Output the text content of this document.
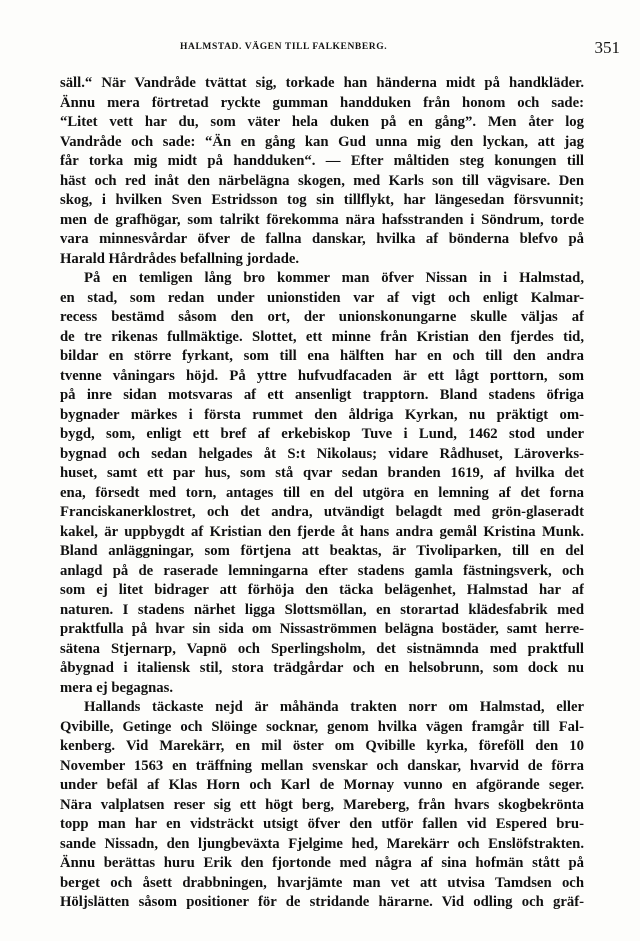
HALMSTAD. VÄGEN TILL FALKENBERG.	351
säll.“ När Vandråde tvättat sig, torkade han händerna midt på handkläder.
Ännu mera förtretad ryckte gumman handduken från honom och sade:
“Litet vett har du, som väter hela duken på en gång”. Men åter log
Vandråde och sade: “Än en gång kan Gud unna mig den lyckan, att jag
får torka mig midt på handduken“. — Efter måltiden steg konungen till
häst och red inåt den närbelägna skogen, med Karls son till vägvisare. Den
skog, i hvilken Sven Estridsson tog sin tillflykt, har längesedan försvunnit;
men de grafhögar, som talrikt förekomma nära hafsstranden i Söndrum, torde
vara minnesvårdar öfver de fallna danskar, hvilka af bönderna blefvo på
Harald Hårdrådes befallning jordade.
På en temligen lång bro kommer man öfver Nissan in i Halmstad,
en stad, som redan under unionstiden var af vigt och enligt Kalmar-
recess bestämd såsom den ort, der unionskonungarne skulle väljas af
de tre rikenas fullmäktige. Slottet, ett minne från Kristian den fjerdes tid,
bildar en större fyrkant, som till ena hälften har en och till den andra
tvenne våningars höjd. På yttre hufvudfacaden är ett lågt porttorn, som
på inre sidan motsvaras af ett ansenligt trapptorn. Bland stadens öfriga
bygnader märkes i första rummet den åldriga Kyrkan, nu präktigt om-
bygd, som, enligt ett bref af erkebiskop Tuve i Lund, 1462 stod under
bygnad och sedan helgades åt S:t Nikolaus; vidare Rådhuset, Läroverks-
huset, samt ett par hus, som stå qvar sedan branden 1619, af hvilka det
ena, försedt med torn, antages till en del utgöra en lemning af det forna
Franciskanerklostret, och det andra, utvändigt belagdt med grön-glaseradt
kakel, är uppbygdt af Kristian den fjerde åt hans andra gemål Kristina Munk.
Bland anläggningar, som förtjena att beaktas, är Tivoliparken, till en del
anlagd på de raserade lemningarna efter stadens gamla fästningsverk, och
som ej litet bidrager att förhöja den täcka belägenhet, Halmstad har af
naturen. I stadens närhet ligga Slottsmöllan, en storartad klädesfabrik med
praktfulla på hvar sin sida om Nissaströmmen belägna bostäder, samt herre-
sätena Stjernarp, Vapnö och Sperlingsholm, det sistnämnda med praktfull
åbygnad i italiensk stil, stora trädgårdar och en helsobrunn, som dock nu
mera ej begagnas.
Hallands täckaste nejd är måhända trakten norr om Halmstad, eller
Qvibille, Getinge och Slöinge socknar, genom hvilka vägen framgår till Fal-
kenberg. Vid Marekärr, en mil öster om Qvibille kyrka, föreföll den 10
November 1563 en träffning mellan svenskar och danskar, hvarvid de förra
under befäl af Klas Horn och Karl de Mornay vunno en afgörande seger.
Nära valplatsen reser sig ett högt berg, Mareberg, från hvars skogbekrönta
topp man har en vidsträckt utsigt öfver den utför fallen vid Espered bru-
sande Nissadn, den ljungbeväxta Fjelgime hed, Marekärr och Enslöfstrakten.
Ännu berättas huru Erik den fjortonde med några af sina hofmän stått på
berget och åsett drabbningen, hvarjämte man vet att utvisa Tamdsen och
Höljslätten såsom positioner för de stridande härarne. Vid odling och gräf-
